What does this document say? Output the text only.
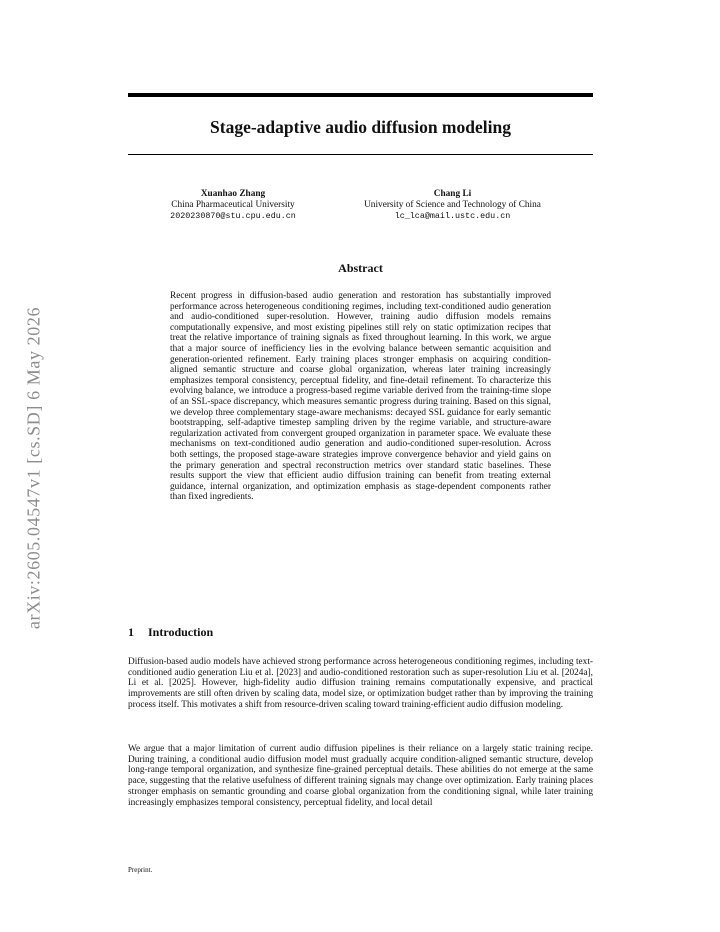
arXiv:2605.04547v1 [cs.SD] 6 May 2026
Stage-adaptive audio diffusion modeling
Xuanhao Zhang
China Pharmaceutical University
2020230870@stu.cpu.edu.cn
Chang Li
University of Science and Technology of China
lc_lca@mail.ustc.edu.cn
Abstract
Recent progress in diffusion-based audio generation and restoration has substantially improved performance across heterogeneous conditioning regimes, including text-conditioned audio generation and audio-conditioned super-resolution. However, training audio diffusion models remains computationally expensive, and most existing pipelines still rely on static optimization recipes that treat the relative importance of training signals as fixed throughout learning. In this work, we argue that a major source of inefficiency lies in the evolving balance between semantic acquisition and generation-oriented refinement. Early training places stronger emphasis on acquiring condition-aligned semantic structure and coarse global organization, whereas later training increasingly emphasizes temporal consistency, perceptual fidelity, and fine-detail refinement. To characterize this evolving balance, we introduce a progress-based regime variable derived from the training-time slope of an SSL-space discrepancy, which measures semantic progress during training. Based on this signal, we develop three complementary stage-aware mechanisms: decayed SSL guidance for early semantic bootstrapping, self-adaptive timestep sampling driven by the regime variable, and structure-aware regularization activated from convergent grouped organization in parameter space. We evaluate these mechanisms on text-conditioned audio generation and audio-conditioned super-resolution. Across both settings, the proposed stage-aware strategies improve convergence behavior and yield gains on the primary generation and spectral reconstruction metrics over standard static baselines. These results support the view that efficient audio diffusion training can benefit from treating external guidance, internal organization, and optimization emphasis as stage-dependent components rather than fixed ingredients.
1 Introduction
Diffusion-based audio models have achieved strong performance across heterogeneous conditioning regimes, including text-conditioned audio generation Liu et al. [2023] and audio-conditioned restoration such as super-resolution Liu et al. [2024a], Li et al. [2025]. However, high-fidelity audio diffusion training remains computationally expensive, and practical improvements are still often driven by scaling data, model size, or optimization budget rather than by improving the training process itself. This motivates a shift from resource-driven scaling toward training-efficient audio diffusion modeling.
We argue that a major limitation of current audio diffusion pipelines is their reliance on a largely static training recipe. During training, a conditional audio diffusion model must gradually acquire condition-aligned semantic structure, develop long-range temporal organization, and synthesize fine-grained perceptual details. These abilities do not emerge at the same pace, suggesting that the relative usefulness of different training signals may change over optimization. Early training places stronger emphasis on semantic grounding and coarse global organization from the conditioning signal, while later training increasingly emphasizes temporal consistency, perceptual fidelity, and local detail
Preprint.
